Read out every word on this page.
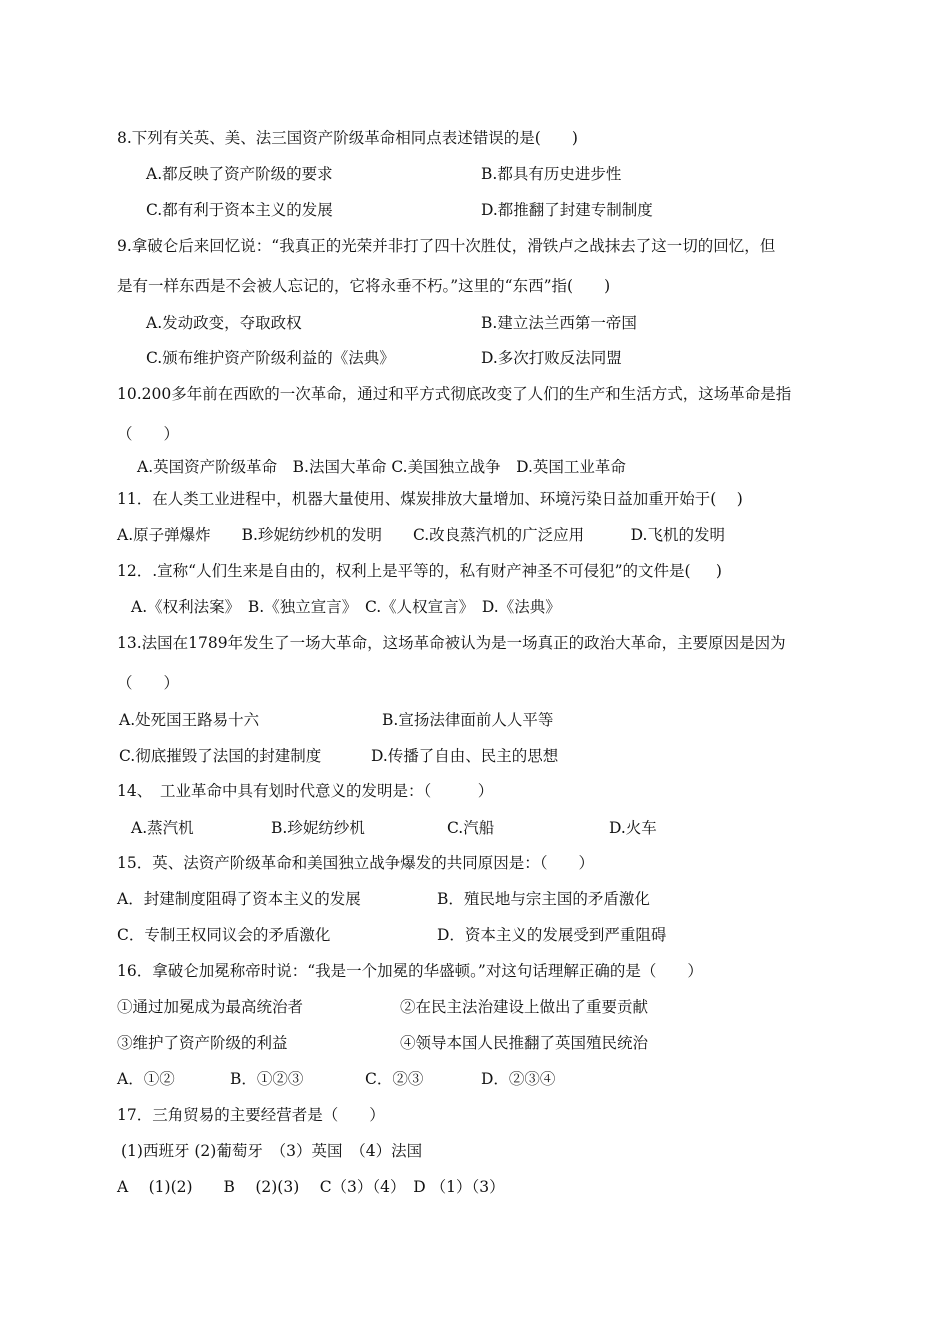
8.下列有关英、美、法三国资产阶级革命相同点表述错误的是(　　)
A.都反映了资产阶级的要求	B.都具有历史进步性
C.都有利于资本主义的发展	D.都推翻了封建专制制度
9.拿破仑后来回忆说：“我真正的光荣并非打了四十次胜仗，滑铁卢之战抹去了这一切的回忆，但
是有一样东西是不会被人忘记的，它将永垂不朽。”这里的“东西”指(　　)
A.发动政变，夺取政权	B.建立法兰西第一帝国
C.颁布维护资产阶级利益的《法典》	D.多次打败反法同盟
10.200多年前在西欧的一次革命，通过和平方式彻底改变了人们的生产和生活方式，这场革命是指
（　　）
A.英国资产阶级革命　B.法国大革命 C.美国独立战争　D.英国工业革命
11．在人类工业进程中，机器大量使用、煤炭排放大量增加、环境污染日益加重开始于(　 )
A.原子弹爆炸　　B.珍妮纺纱机的发明　　C.改良蒸汽机的广泛应用　　　D.飞机的发明
12．.宣称“人们生来是自由的，权利上是平等的，私有财产神圣不可侵犯”的文件是(　  )
A.《权利法案》　B.《独立宣言》　C.《人权宣言》　D.《法典》
13.法国在1789年发生了一场大革命，这场革命被认为是一场真正的政治大革命，主要原因是因为
（　　）
A.处死国王路易十六	B.宣扬法律面前人人平等
C.彻底摧毁了法国的封建制度	D.传播了自由、民主的思想
14、　工业革命中具有划时代意义的发明是：（　　　）
A.蒸汽机	B.珍妮纺纱机	C.汽船	D.火车
15．英、法资产阶级革命和美国独立战争爆发的共同原因是：（　　）
A．封建制度阻碍了资本主义的发展	B．殖民地与宗主国的矛盾激化
C．专制王权同议会的矛盾激化	D．资本主义的发展受到严重阻碍
16．拿破仑加冕称帝时说：“我是一个加冕的华盛顿。”对这句话理解正确的是（　　）
①通过加冕成为最高统治者	②在民主法治建设上做出了重要贡献
③维护了资产阶级的利益	④领导本国人民推翻了英国殖民统治
A．①②	B．①②③	C．②③	D．②③④
17．三角贸易的主要经营者是（　　）
(1)西班牙 (2)葡萄牙　（3）英国　（4）法国
A　 (1)(2)　　B　 (2)(3)　 C（3）（4）　D （1）（3）
